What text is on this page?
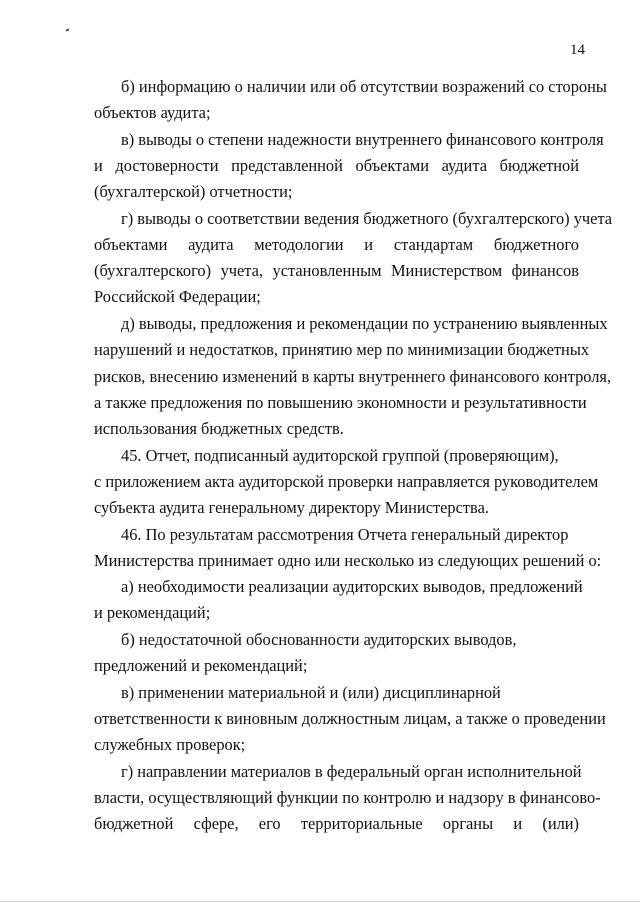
14
б) информацию о наличии или об отсутствии возражений со стороны
объектов аудита;
в) выводы о степени надежности внутреннего финансового контроля
и достоверности представленной объектами аудита бюджетной
(бухгалтерской) отчетности;
г) выводы о соответствии ведения бюджетного (бухгалтерского) учета
объектами аудита методологии и стандартам бюджетного
(бухгалтерского) учета, установленным Министерством финансов
Российской Федерации;
д) выводы, предложения и рекомендации по устранению выявленных
нарушений и недостатков, принятию мер по минимизации бюджетных
рисков, внесению изменений в карты внутреннего финансового контроля,
а также предложения по повышению экономности и результативности
использования бюджетных средств.
45. Отчет, подписанный аудиторской группой (проверяющим),
с приложением акта аудиторской проверки направляется руководителем
субъекта аудита генеральному директору Министерства.
46. По результатам рассмотрения Отчета генеральный директор
Министерства принимает одно или несколько из следующих решений о:
а) необходимости реализации аудиторских выводов, предложений
и рекомендаций;
б) недостаточной обоснованности аудиторских выводов,
предложений и рекомендаций;
в) применении материальной и (или) дисциплинарной
ответственности к виновным должностным лицам, а также о проведении
служебных проверок;
г) направлении материалов в федеральный орган исполнительной
власти, осуществляющий функции по контролю и надзору в финансово-
бюджетной сфере, его территориальные органы и (или)
